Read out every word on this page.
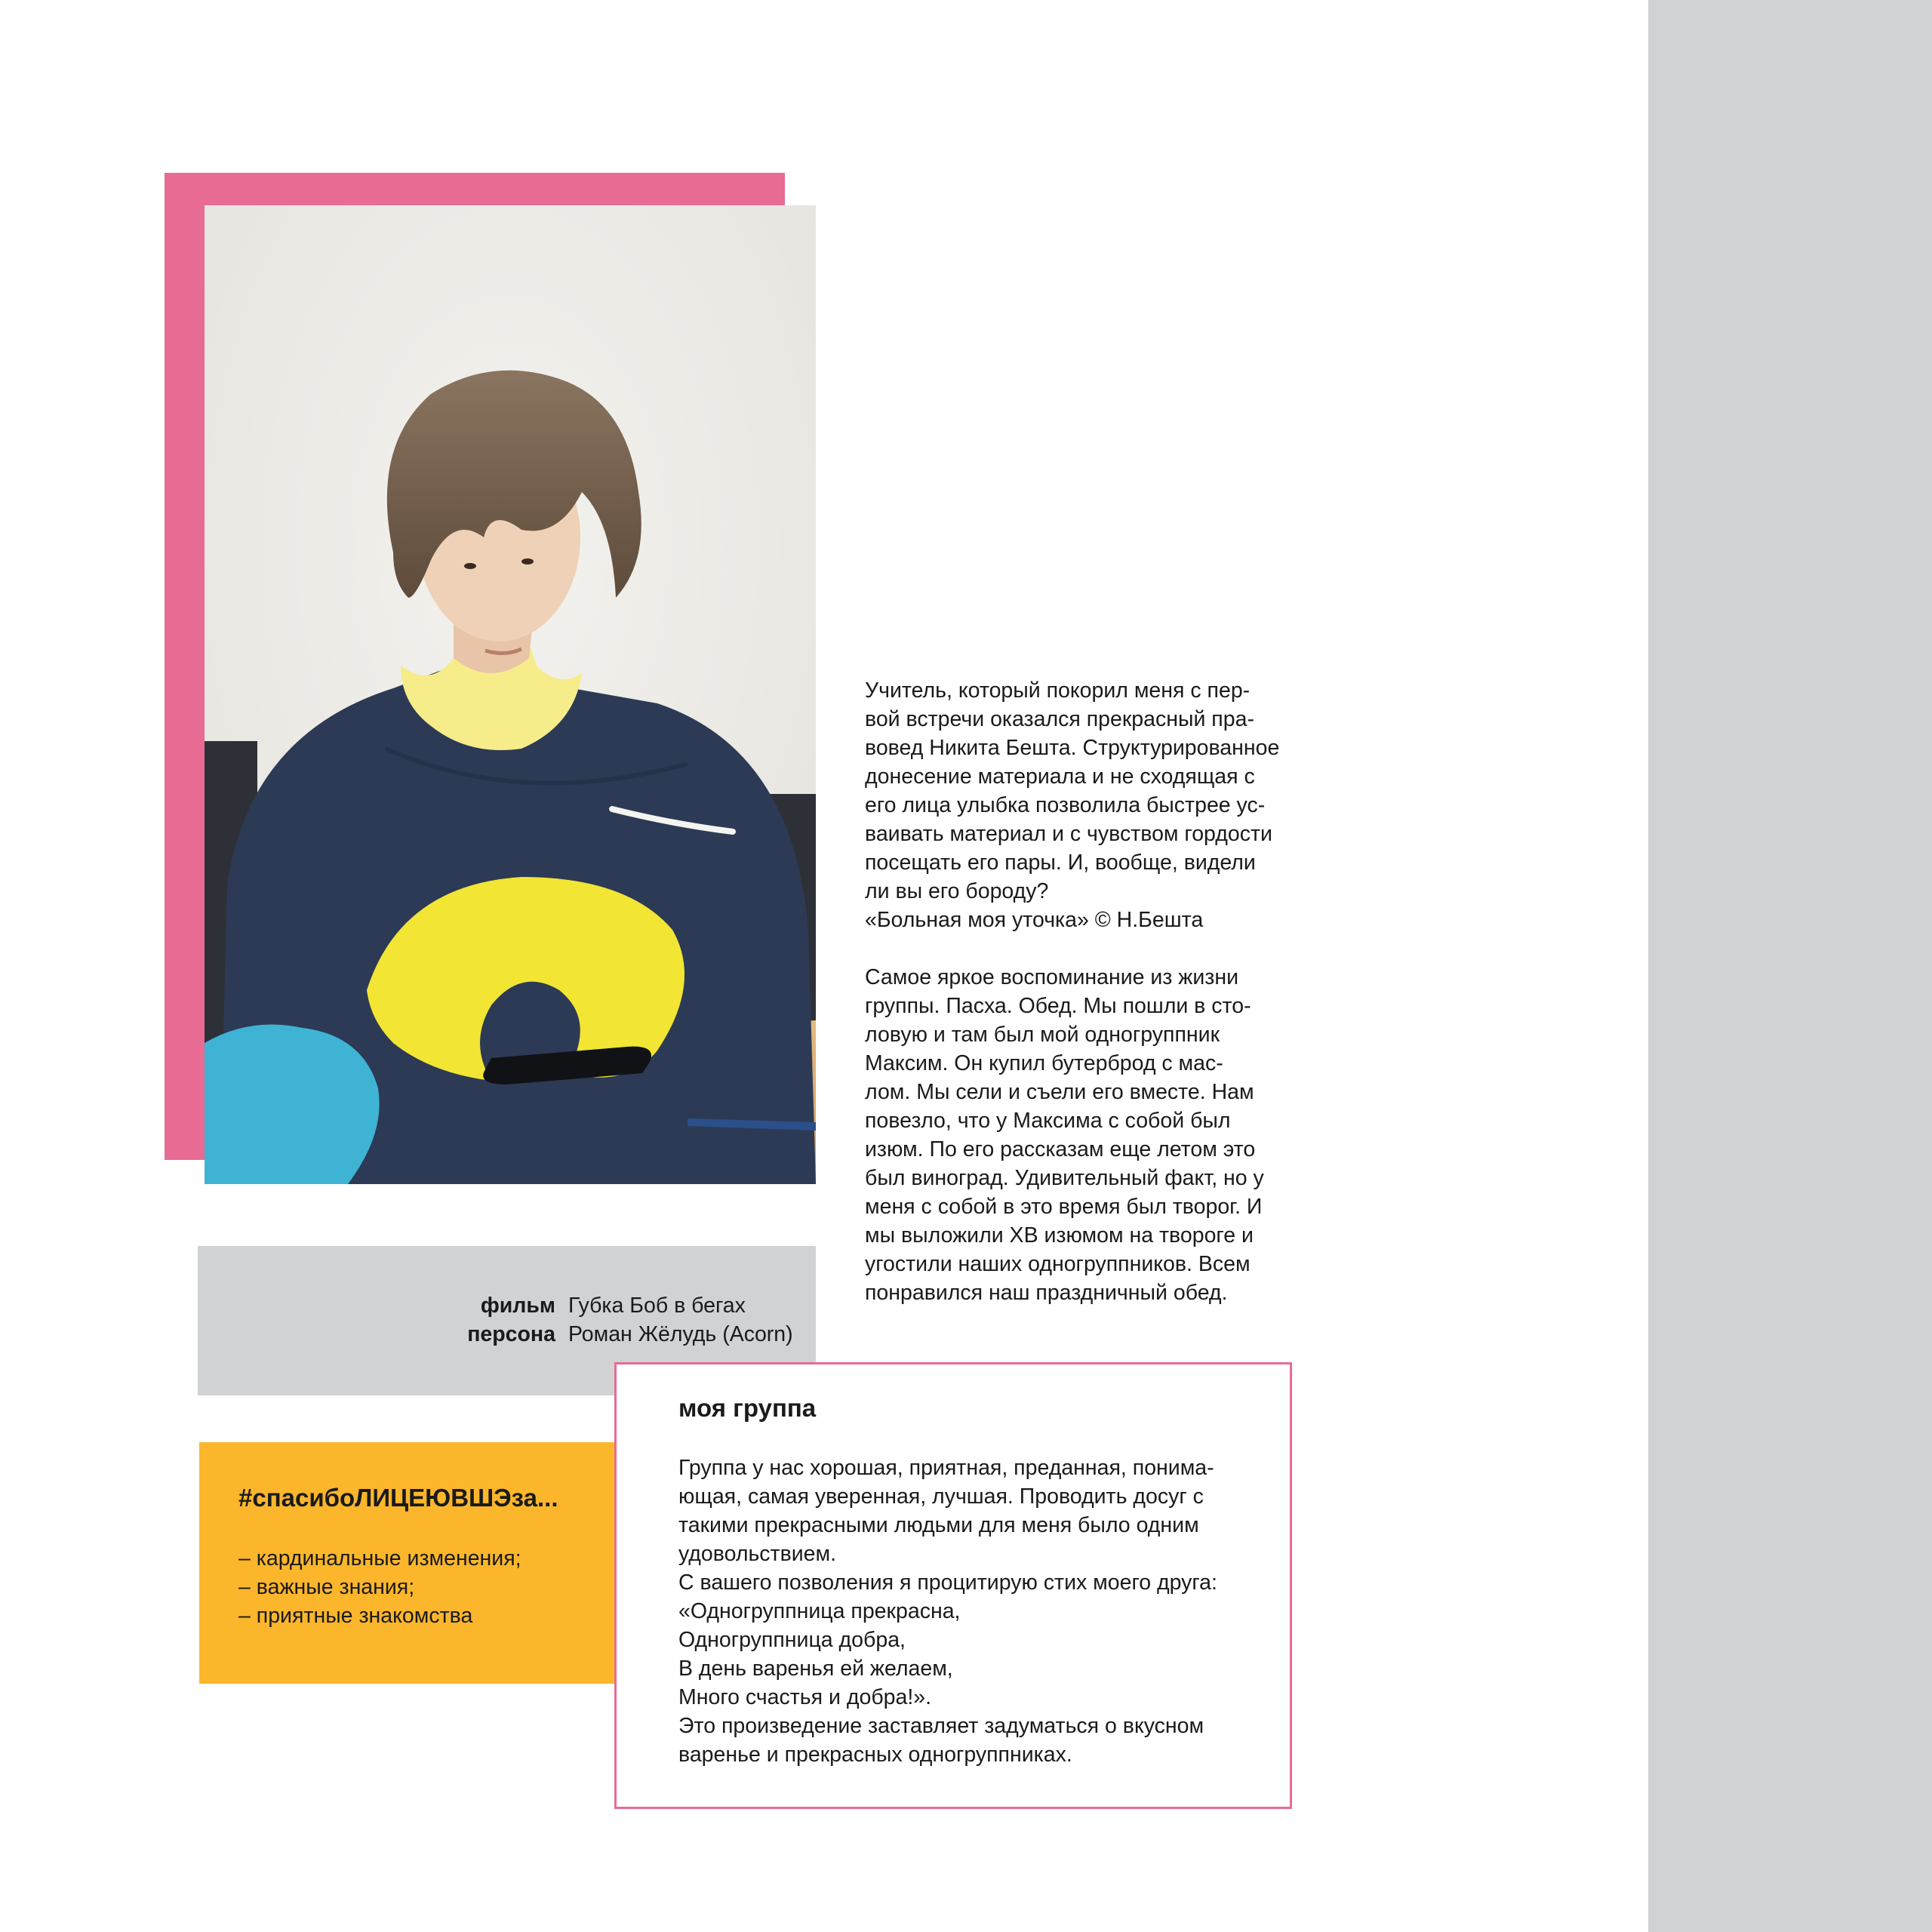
Учитель, который покорил меня с пер-
вой встречи оказался прекрасный пра-
вовед Никита Бешта. Структурированное
донесение материала и не сходящая с
его лица улыбка позволила быстрее ус-
ваивать материал и с чувством гордости
посещать его пары. И, вообще, видели
ли вы его бороду?
«Больная моя уточка» © Н.Бешта

Самое яркое воспоминание из жизни
группы. Пасха. Обед. Мы пошли в сто-
ловую и там был мой одногруппник
Максим. Он купил бутерброд с мас-
лом. Мы сели и съели его вместе. Нам
повезло, что у Максима с собой был
изюм. По его рассказам еще летом это
был виноград. Удивительный факт, но у
меня с собой в это время был творог. И
мы выложили ХВ изюмом на твороге и
угостили наших одногруппников. Всем
понравился наш праздничный обед.

фильм Губка Боб в бегах
персона Роман Жёлудь (Acorn)
#спасибоЛИЦЕЮВШЭза...
– кардинальные изменения;
– важные знания;
– приятные знакомства
моя группа
Группа у нас хорошая, приятная, преданная, понима-
ющая, самая уверенная, лучшая. Проводить досуг с
такими прекрасными людьми для меня было одним
удовольствием.
С вашего позволения я процитирую стих моего друга:
«Одногруппница прекрасна,
Одногруппница добра,
В день варенья ей желаем,
Много счастья и добра!».
Это произведение заставляет задуматься о вкусном
варенье и прекрасных одногруппниках.
